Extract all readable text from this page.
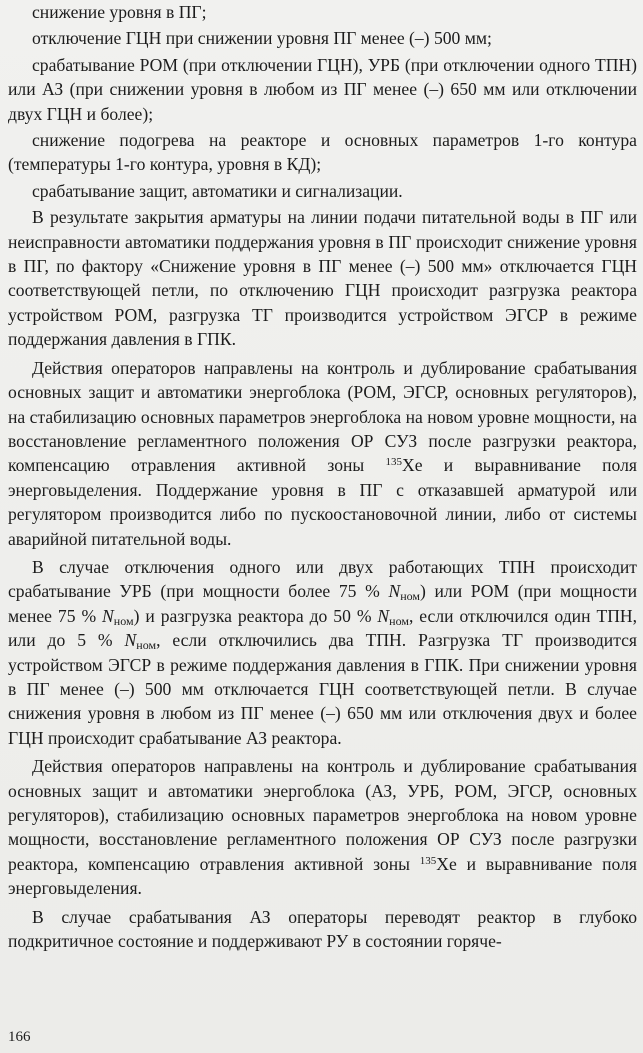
снижение уровня в ПГ;

отключение ГЦН при снижении уровня ПГ менее (–) 500 мм;

срабатывание РОМ (при отключении ГЦН), УРБ (при отключении одного ТПН) или АЗ (при снижении уровня в любом из ПГ менее (–) 650 мм или отключении двух ГЦН и более);

снижение подогрева на реакторе и основных параметров 1-го контура (температуры 1-го контура, уровня в КД);

срабатывание защит, автоматики и сигнализации.

В результате закрытия арматуры на линии подачи питательной воды в ПГ или неисправности автоматики поддержания уровня в ПГ происходит снижение уровня в ПГ, по фактору «Снижение уровня в ПГ менее (–) 500 мм» отключается ГЦН соответствующей петли, по отключению ГЦН происходит разгрузка реактора устройством РОМ, разгрузка ТГ производится устройством ЭГСР в режиме поддержания давления в ГПК.

Действия операторов направлены на контроль и дублирование срабатывания основных защит и автоматики энергоблока (РОМ, ЭГСР, основных регуляторов), на стабилизацию основных параметров энергоблока на новом уровне мощности, на восстановление регламентного положения ОР СУЗ после разгрузки реактора, компенсацию отравления активной зоны $^{135}$Xe и выравнивание поля энерговыделения. Поддержание уровня в ПГ с отказавшей арматурой или регулятором производится либо по пускоостановочной линии, либо от системы аварийной питательной воды.

В случае отключения одного или двух работающих ТПН происходит срабатывание УРБ (при мощности более 75 % Nном) или РОМ (при мощности менее 75 % Nном) и разгрузка реактора до 50 % Nном, если отключился один ТПН, или до 5 % Nном, если отключились два ТПН. Разгрузка ТГ производится устройством ЭГСР в режиме поддержания давления в ГПК. При снижении уровня в ПГ менее (–) 500 мм отключается ГЦН соответствующей петли. В случае снижения уровня в любом из ПГ менее (–) 650 мм или отключения двух и более ГЦН происходит срабатывание АЗ реактора.

Действия операторов направлены на контроль и дублирование срабатывания основных защит и автоматики энергоблока (АЗ, УРБ, РОМ, ЭГСР, основных регуляторов), стабилизацию основных параметров энергоблока на новом уровне мощности, восстановление регламентного положения ОР СУЗ после разгрузки реактора, компенсацию отравления активной зоны $^{135}$Xe и выравнивание поля энерговыделения.

В случае срабатывания АЗ операторы переводят реактор в глубоко подкритичное состояние и поддерживают РУ в состоянии горяче-

166
